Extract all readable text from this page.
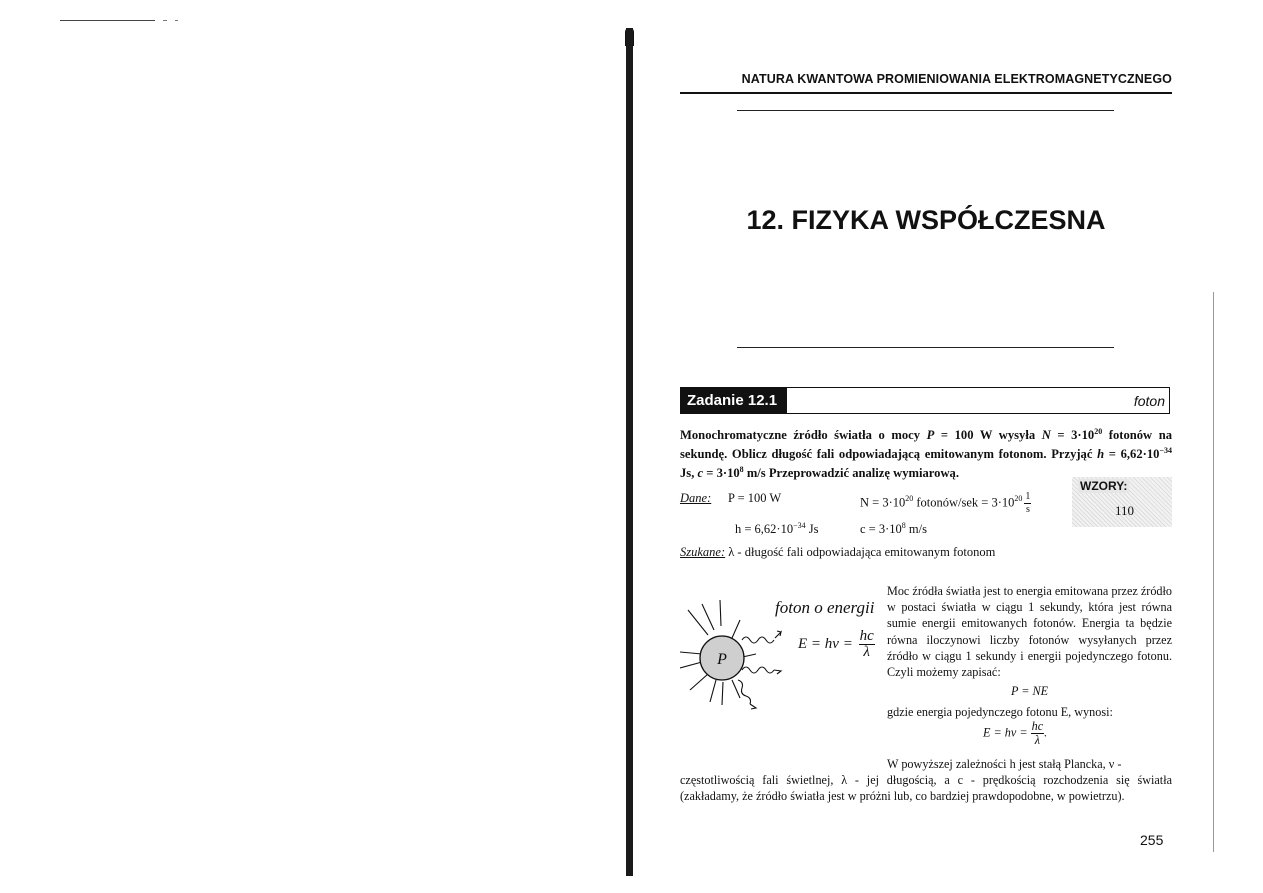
NATURA KWANTOWA PROMIENIOWANIA ELEKTROMAGNETYCZNEGO
12. FIZYKA WSPÓŁCZESNA
Zadanie 12.1	foton
Monochromatyczne źródło światła o mocy P = 100 W wysyła $N = 3\cdot 10^{20}$ fotonów na sekundę. Oblicz długość fali odpowiadającą emitowanym fotonom. Przyjąć $h = 6,62\cdot 10^{-34}$ Js, $c = 3\cdot 10^8$ m/s Przeprowadzić analizę wymiarową.
Dane: P = 100 W	$N = 3\cdot 10^{20}$ fotonów/sek = $3\cdot 10^{20} \frac{1}{s}$
$h = 6,62\cdot 10^{-34}$ Js	$c = 3\cdot 10^8$ m/s
WZORY:
110
Szukane: λ - długość fali odpowiadająca emitowanym fotonom
P
foton o energii
$E = h\nu = \frac{hc}{\lambda}$
Moc źródła światła jest to energia emitowana przez źródło w postaci światła w ciągu 1 sekundy, która jest równa sumie energii emitowanych fotonów. Energia ta będzie równa iloczynowi liczby fotonów wysyłanych przez źródło w ciągu 1 sekundy i energii pojedynczego fotonu. Czyli możemy zapisać:
P = NE
gdzie energia pojedynczego fotonu E, wynosi:
$E = h\nu = \frac{hc}{\lambda}$ .
W powyższej zależności h jest stałą Plancka, ν -
częstotliwością fali świetlnej, λ - jej długością, a c - prędkością rozchodzenia się światła (zakładamy, że źródło światła jest w próżni lub, co bardziej prawdopodobne, w powietrzu).
255
